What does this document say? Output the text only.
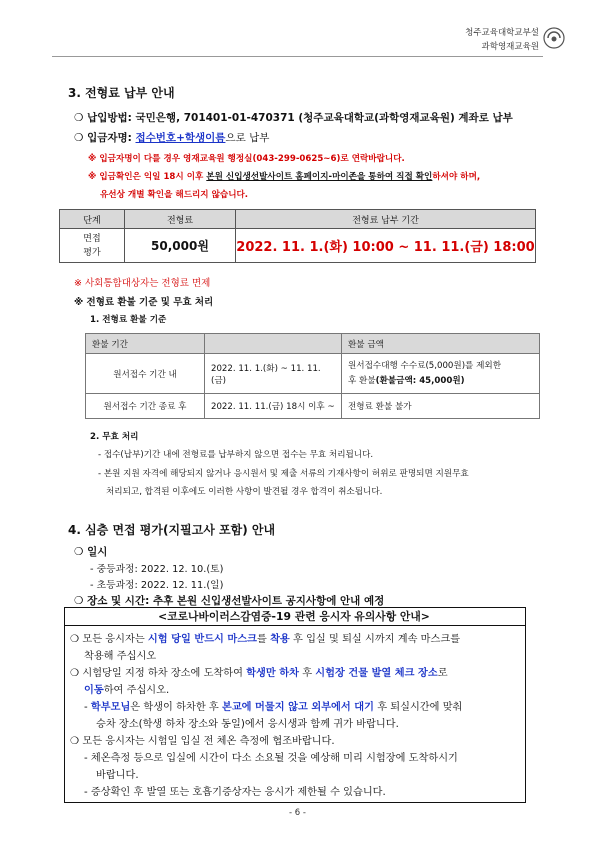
청주교육대학교부설
과학영재교육원
3. 전형료 납부 안내
❍ 납입방법: 국민은행, 701401-01-470371 (청주교육대학교(과학영재교육원) 계좌로 납부
❍ 입금자명: 접수번호+학생이름으로 납부
※ 입금자명이 다를 경우 영재교육원 행정실(043-299-0625~6)로 연락바랍니다.
※ 입금확인은 익일 18시 이후 본원 신입생선발사이트 홈페이지-마이존을 통하여 직접 확인하셔야 하며,
유선상 개별 확인을 해드리지 않습니다.
단계	전형료	전형료 납부 기간
면접
평가	50,000원	2022. 11. 1.(화) 10:00 ~ 11. 11.(금) 18:00
※ 사회통합대상자는 전형료 면제
※ 전형료 환불 기준 및 무효 처리
1. 전형료 환불 기준
환불 기간		환불 금액
원서접수 기간 내	2022. 11. 1.(화) ~ 11. 11.(금)	원서접수대행 수수료(5,000원)를 제외한
후 환불(환불금액: 45,000원)

원서접수 기간 종료 후	2022. 11. 11.(금) 18시 이후 ~	전형료 환불 불가
2. 무효 처리
- 접수(납부)기간 내에 전형료를 납부하지 않으면 접수는 무효 처리됩니다.
- 본원 지원 자격에 해당되지 않거나 응시원서 및 제출 서류의 기재사항이 허위로 판명되면 지원무효
처리되고, 합격된 이후에도 이러한 사항이 발견될 경우 합격이 취소됩니다.
4. 심층 면접 평가(지필고사 포함) 안내
❍ 일시
- 중등과정: 2022. 12. 10.(토)
- 초등과정: 2022. 12. 11.(일)
❍ 장소 및 시간: 추후 본원 신입생선발사이트 공지사항에 안내 예정
<코로나바이러스감염증-19 관련 응시자 유의사항 안내>
❍ 모든 응시자는 시험 당일 반드시 마스크를 착용 후 입실 및 퇴실 시까지 계속 마스크를
착용해 주십시오
❍ 시험당일 지정 하차 장소에 도착하여 학생만 하차 후 시험장 건물 발열 체크 장소로
이동하여 주십시오.
- 학부모님은 학생이 하차한 후 본교에 머물지 않고 외부에서 대기 후 퇴실시간에 맞춰
승차 장소(학생 하차 장소와 동일)에서 응시생과 함께 귀가 바랍니다.
❍ 모든 응시자는 시험일 입실 전 체온 측정에 협조바랍니다.
- 체온측정 등으로 입실에 시간이 다소 소요될 것을 예상해 미리 시험장에 도착하시기
바랍니다.
- 증상확인 후 발열 또는 호흡기증상자는 응시가 제한될 수 있습니다.
- 6 -
